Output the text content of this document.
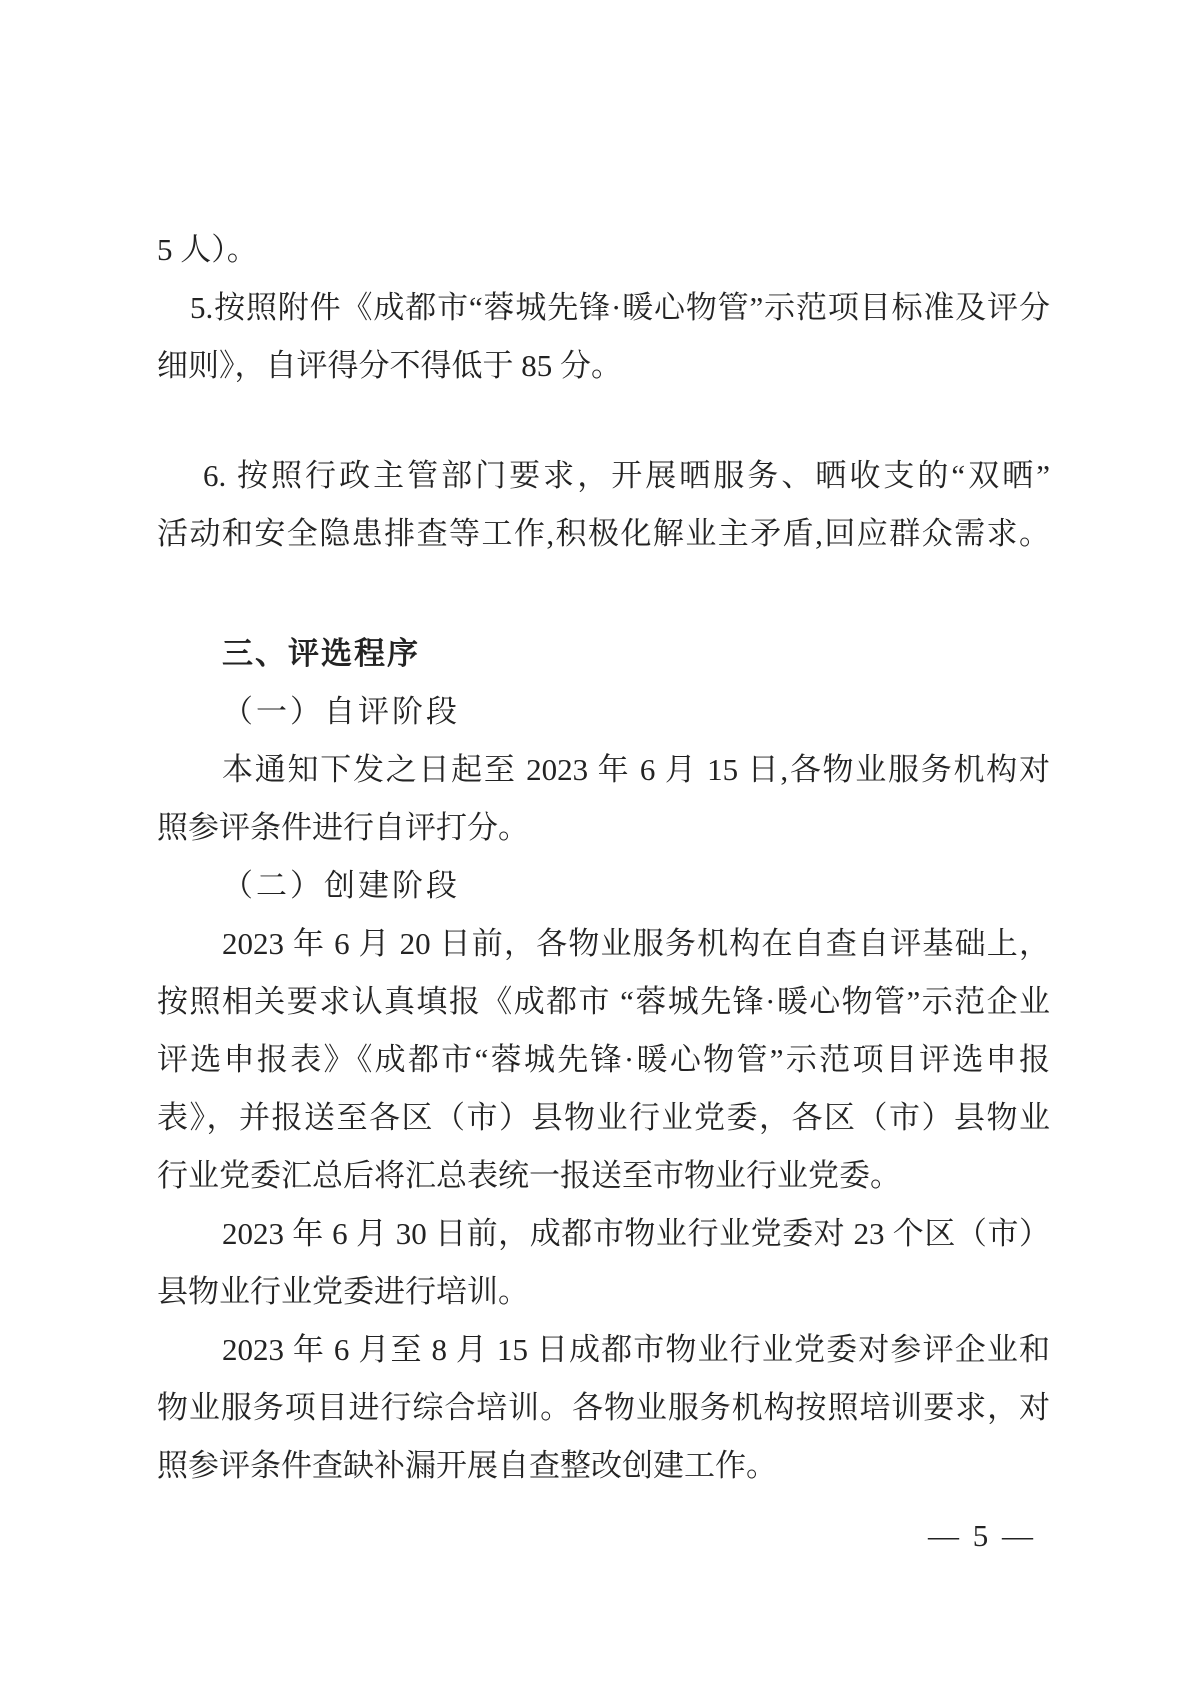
5 人）。
5.按照附件《成都市“蓉城先锋·暖心物管”示范项目标准及评分
细则》，自评得分不得低于 85 分。
6. 按照行政主管部门要求，开展晒服务、晒收支的“双晒”
活动和安全隐患排查等工作,积极化解业主矛盾,回应群众需求。
三、评选程序
（一）自评阶段
本通知下发之日起至 2023 年 6 月 15 日,各物业服务机构对
照参评条件进行自评打分。
（二）创建阶段
2023 年 6 月 20 日前，各物业服务机构在自查自评基础上，
按照相关要求认真填报《成都市 “蓉城先锋·暖心物管”示范企业
评选申报表》《成都市“蓉城先锋·暖心物管”示范项目评选申报
表》，并报送至各区（市）县物业行业党委，各区（市）县物业
行业党委汇总后将汇总表统一报送至市物业行业党委。
2023 年 6 月 30 日前，成都市物业行业党委对 23 个区（市）
县物业行业党委进行培训。
2023 年 6 月至 8 月 15 日成都市物业行业党委对参评企业和
物业服务项目进行综合培训。各物业服务机构按照培训要求，对
照参评条件查缺补漏开展自查整改创建工作。
— 5 —
